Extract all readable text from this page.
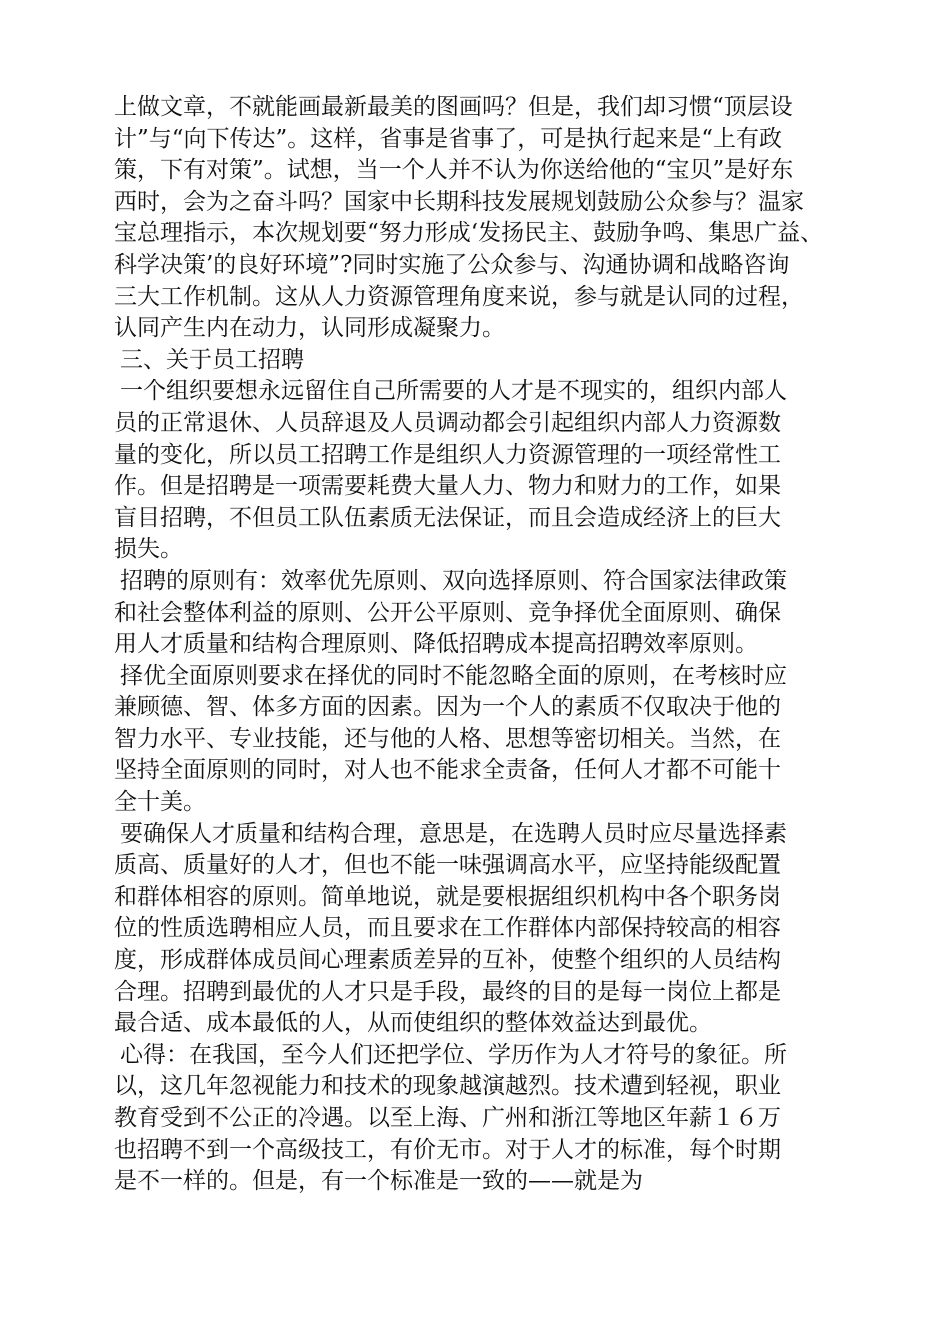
上做文章，不就能画最新最美的图画吗？但是，我们却习惯“顶层设
计”与“向下传达”。这样，省事是省事了，可是执行起来是“上有政
策，下有对策”。试想，当一个人并不认为你送给他的“宝贝”是好东
西时，会为之奋斗吗？国家中长期科技发展规划鼓励公众参与？温家
宝总理指示，本次规划要“努力形成‘发扬民主、鼓励争鸣、集思广益、
科学决策’的良好环境”?同时实施了公众参与、沟通协调和战略咨询
三大工作机制。这从人力资源管理角度来说，参与就是认同的过程，
认同产生内在动力，认同形成凝聚力。
三、关于员工招聘
一个组织要想永远留住自己所需要的人才是不现实的，组织内部人
员的正常退休、人员辞退及人员调动都会引起组织内部人力资源数
量的变化，所以员工招聘工作是组织人力资源管理的一项经常性工
作。但是招聘是一项需要耗费大量人力、物力和财力的工作，如果
盲目招聘，不但员工队伍素质无法保证，而且会造成经济上的巨大
损失。
招聘的原则有：效率优先原则、双向选择原则、符合国家法律政策
和社会整体利益的原则、公开公平原则、竞争择优全面原则、确保
用人才质量和结构合理原则、降低招聘成本提高招聘效率原则。
择优全面原则要求在择优的同时不能忽略全面的原则，在考核时应
兼顾德、智、体多方面的因素。因为一个人的素质不仅取决于他的
智力水平、专业技能，还与他的人格、思想等密切相关。当然，在
坚持全面原则的同时，对人也不能求全责备，任何人才都不可能十
全十美。
要确保人才质量和结构合理，意思是，在选聘人员时应尽量选择素
质高、质量好的人才，但也不能一味强调高水平，应坚持能级配置
和群体相容的原则。简单地说，就是要根据组织机构中各个职务岗
位的性质选聘相应人员，而且要求在工作群体内部保持较高的相容
度，形成群体成员间心理素质差异的互补，使整个组织的人员结构
合理。招聘到最优的人才只是手段，最终的目的是每一岗位上都是
最合适、成本最低的人，从而使组织的整体效益达到最优。
心得：在我国，至今人们还把学位、学历作为人才符号的象征。所
以，这几年忽视能力和技术的现象越演越烈。技术遭到轻视，职业
教育受到不公正的冷遇。以至上海、广州和浙江等地区年薪１６万
也招聘不到一个高级技工，有价无市。对于人才的标准，每个时期
是不一样的。但是，有一个标准是一致的——就是为
